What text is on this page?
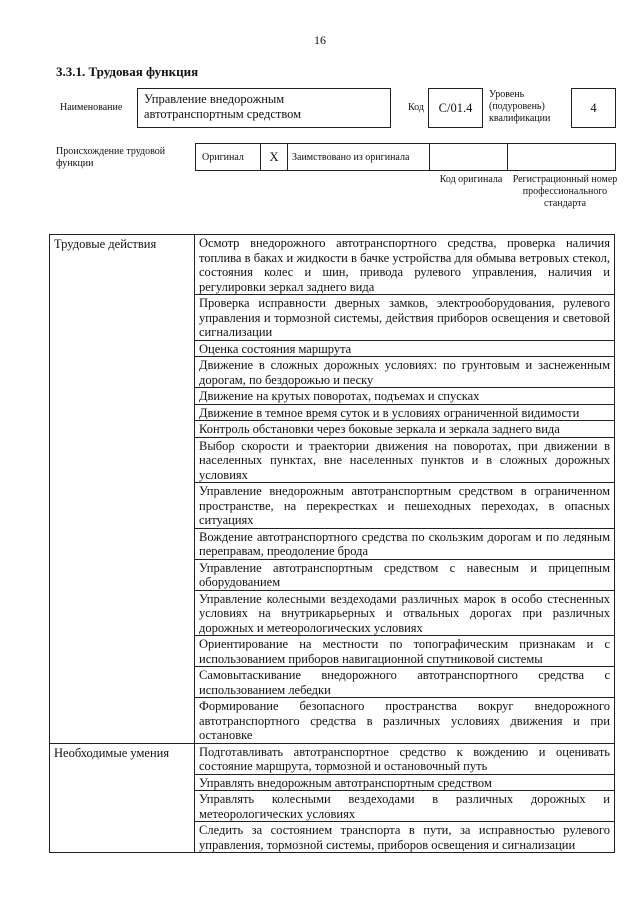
16
3.3.1. Трудовая функция
Наименование
Управление внедорожным автотранспортным средством	Код	С/01.4
Уровень (подуровень) квалификации
4
Происхождение трудовой функции
Оригинал	X	Заимствовано из оригинала
Код оригинала	Регистрационный номер профессионального стандарта
Трудовые действия	Осмотр внедорожного автотранспортного средства, проверка наличия топлива в баках и жидкости в бачке устройства для обмыва ветровых стекол, состояния колес и шин, привода рулевого управления, наличия и регулировки зеркал заднего вида
	Проверка исправности дверных замков, электрооборудования, рулевого управления и тормозной системы, действия приборов освещения и световой сигнализации
	Оценка состояния маршрута
	Движение в сложных дорожных условиях: по грунтовым и заснеженным дорогам, по бездорожью и песку
	Движение на крутых поворотах, подъемах и спусках
	Движение в темное время суток и в условиях ограниченной видимости
	Контроль обстановки через боковые зеркала и зеркала заднего вида
	Выбор скорости и траектории движения на поворотах, при движении в населенных пунктах, вне населенных пунктов и в сложных дорожных условиях
	Управление внедорожным автотранспортным средством в ограниченном пространстве, на перекрестках и пешеходных переходах, в опасных ситуациях
	Вождение автотранспортного средства по скользким дорогам и по ледяным переправам, преодоление брода
	Управление автотранспортным средством с навесным и прицепным оборудованием
	Управление колесными вездеходами различных марок в особо стесненных условиях на внутрикарьерных и отвальных дорогах при различных дорожных и метеорологических условиях
	Ориентирование на местности по топографическим признакам и с использованием приборов навигационной спутниковой системы
	Самовытаскивание внедорожного автотранспортного средства с использованием лебедки
	Формирование безопасного пространства вокруг внедорожного автотранспортного средства в различных условиях движения и при остановке
Необходимые умения	Подготавливать автотранспортное средство к вождению и оценивать состояние маршрута, тормозной и остановочный путь
	Управлять внедорожным автотранспортным средством
	Управлять колесными вездеходами в различных дорожных и метеорологических условиях
	Следить за состоянием транспорта в пути, за исправностью рулевого управления, тормозной системы, приборов освещения и сигнализации
